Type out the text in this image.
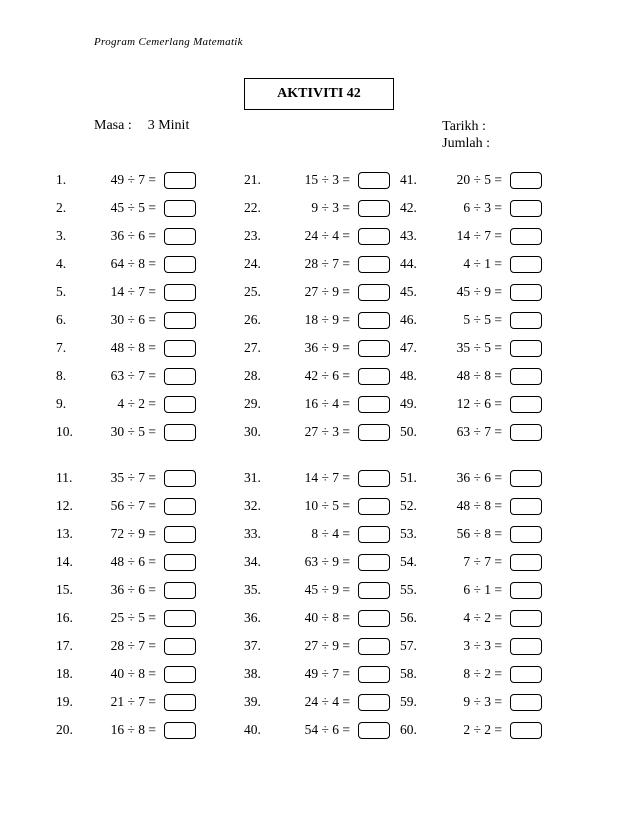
Program Cemerlang Matematik
AKTIVITI 42
Masa : 3 Minit	Tarikh :
Jumlah :
1.	49 ÷ 7 =
2.	45 ÷ 5 =
3.	36 ÷ 6 =
4.	64 ÷ 8 =
5.	14 ÷ 7 =
6.	30 ÷ 6 =
7.	48 ÷ 8 =
8.	63 ÷ 7 =
9.	4 ÷ 2 =
10.	30 ÷ 5 =
11.	35 ÷ 7 =
12.	56 ÷ 7 =
13.	72 ÷ 9 =
14.	48 ÷ 6 =
15.	36 ÷ 6 =
16.	25 ÷ 5 =
17.	28 ÷ 7 =
18.	40 ÷ 8 =
19.	21 ÷ 7 =
20.	16 ÷ 8 =
21.	15 ÷ 3 =
22.	9 ÷ 3 =
23.	24 ÷ 4 =
24.	28 ÷ 7 =
25.	27 ÷ 9 =
26.	18 ÷ 9 =
27.	36 ÷ 9 =
28.	42 ÷ 6 =
29.	16 ÷ 4 =
30.	27 ÷ 3 =
31.	14 ÷ 7 =
32.	10 ÷ 5 =
33.	8 ÷ 4 =
34.	63 ÷ 9 =
35.	45 ÷ 9 =
36.	40 ÷ 8 =
37.	27 ÷ 9 =
38.	49 ÷ 7 =
39.	24 ÷ 4 =
40.	54 ÷ 6 =
41.	20 ÷ 5 =
42.	6 ÷ 3 =
43.	14 ÷ 7 =
44.	4 ÷ 1 =
45.	45 ÷ 9 =
46.	5 ÷ 5 =
47.	35 ÷ 5 =
48.	48 ÷ 8 =
49.	12 ÷ 6 =
50.	63 ÷ 7 =
51.	36 ÷ 6 =
52.	48 ÷ 8 =
53.	56 ÷ 8 =
54.	7 ÷ 7 =
55.	6 ÷ 1 =
56.	4 ÷ 2 =
57.	3 ÷ 3 =
58.	8 ÷ 2 =
59.	9 ÷ 3 =
60.	2 ÷ 2 =
